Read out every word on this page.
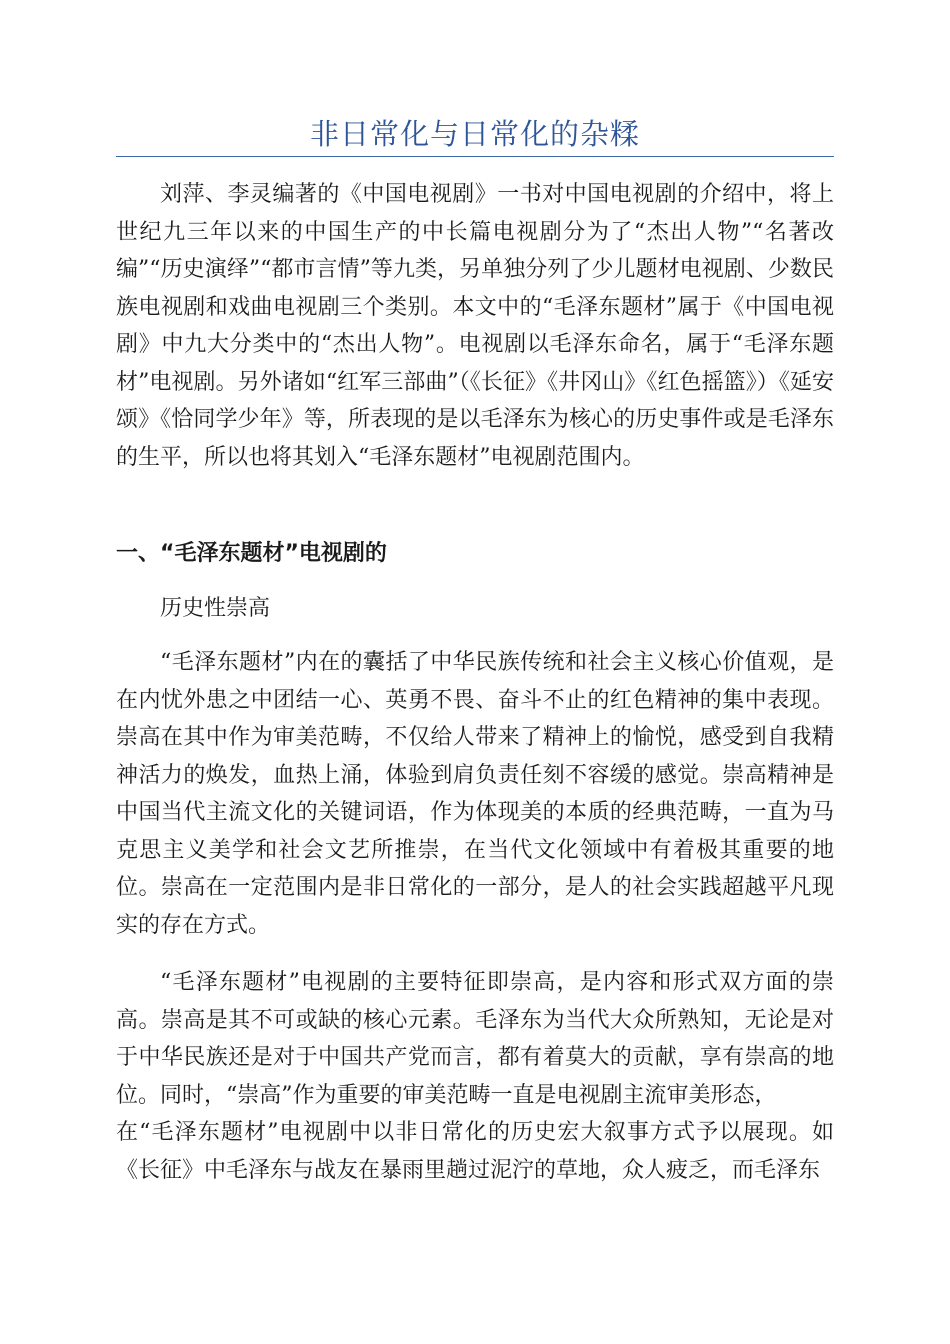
非日常化与日常化的杂糅

刘萍、李灵编著的《中国电视剧》一书对中国电视剧的介绍中，将上世纪九三年以来的中国生产的中长篇电视剧分为了“杰出人物”“名著改编”“历史演绎”“都市言情”等九类，另单独分列了少儿题材电视剧、少数民族电视剧和戏曲电视剧三个类别。本文中的“毛泽东题材”属于《中国电视剧》中九大分类中的“杰出人物”。电视剧以毛泽东命名，属于“毛泽东题材”电视剧。另外诸如“红军三部曲”（《长征》《井冈山》《红色摇篮》）《延安颂》《恰同学少年》等，所表现的是以毛泽东为核心的历史事件或是毛泽东的生平，所以也将其划入“毛泽东题材”电视剧范围内。

一、“毛泽东题材”电视剧的

历史性崇高

“毛泽东题材”内在的囊括了中华民族传统和社会主义核心价值观，是在内忧外患之中团结一心、英勇不畏、奋斗不止的红色精神的集中表现。崇高在其中作为审美范畴，不仅给人带来了精神上的愉悦，感受到自我精神活力的焕发，血热上涌，体验到肩负责任刻不容缓的感觉。崇高精神是中国当代主流文化的关键词语，作为体现美的本质的经典范畴，一直为马克思主义美学和社会文艺所推崇，在当代文化领域中有着极其重要的地位。崇高在一定范围内是非日常化的一部分，是人的社会实践超越平凡现实的存在方式。

“毛泽东题材”电视剧的主要特征即崇高，是内容和形式双方面的崇高。崇高是其不可或缺的核心元素。毛泽东为当代大众所熟知，无论是对于中华民族还是对于中国共产党而言，都有着莫大的贡献，享有崇高的地位。同时，“崇高”作为重要的审美范畴一直是电视剧主流审美形态，
在“毛泽东题材”电视剧中以非日常化的历史宏大叙事方式予以展现。如《长征》中毛泽东与战友在暴雨里趟过泥泞的草地，众人疲乏，而毛泽东
